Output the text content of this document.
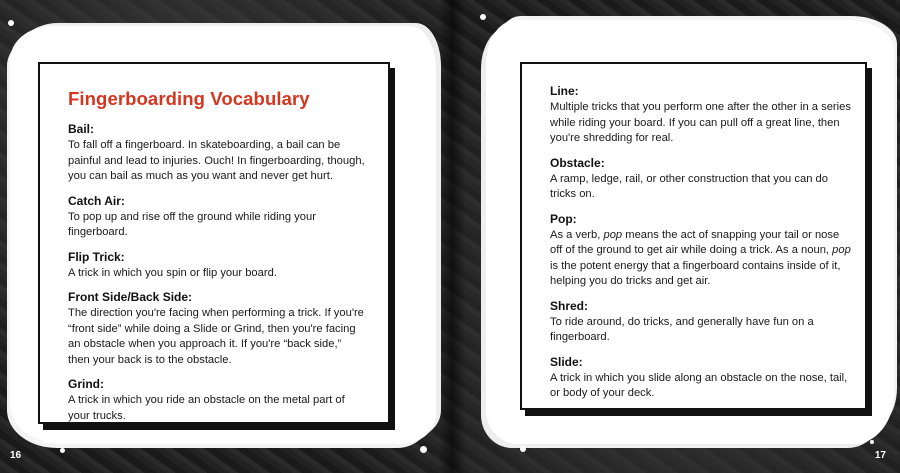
Fingerboarding Vocabulary

Bail:

To fall off a fingerboard. In skateboarding, a bail can be painful and lead to injuries. Ouch! In fingerboarding, though, you can bail as much as you want and never get hurt.

Catch Air:

To pop up and rise off the ground while riding your fingerboard.

Flip Trick:

A trick in which you spin or flip your board.

Front Side/Back Side:

The direction you're facing when performing a trick. If you're “front side” while doing a Slide or Grind, then you're facing an obstacle when you approach it. If you're “back side,” then your back is to the obstacle.

Grind:

A trick in which you ride an obstacle on the metal part of your trucks.

Line:

Multiple tricks that you perform one after the other in a series while riding your board. If you can pull off a great line, then you're shredding for real.

Obstacle:

A ramp, ledge, rail, or other construction that you can do tricks on.

Pop:

As a verb, pop means the act of snapping your tail or nose off of the ground to get air while doing a trick. As a noun, pop is the potent energy that a fingerboard contains inside of it, helping you do tricks and get air.

Shred:

To ride around, do tricks, and generally have fun on a fingerboard.

Slide:

A trick in which you slide along an obstacle on the nose, tail, or body of your deck.

16	17
